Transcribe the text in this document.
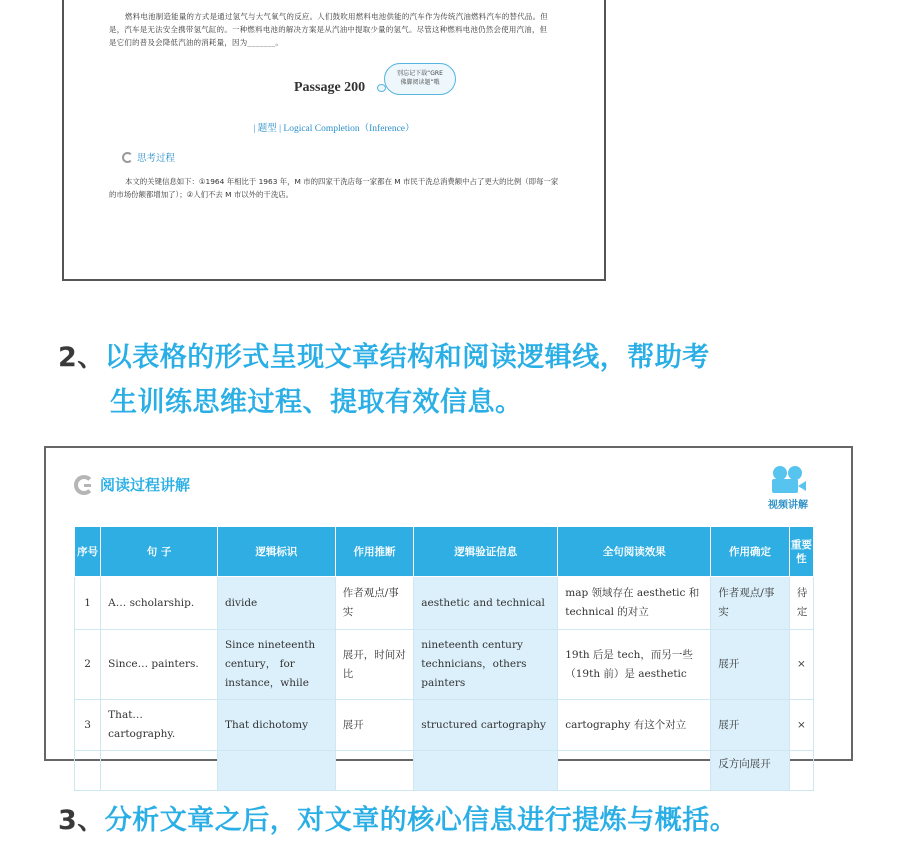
燃料电池制造能量的方式是通过氢气与大气氧气的反应。人们鼓吹用燃料电池供能的汽车作为传统汽油燃料汽车的替代品。但是，汽车是无法安全携带氢气缸的。一种燃料电池的解决方案是从汽油中提取少量的氢气。尽管这种燃料电池仍然会使用汽油，但是它们的普及会降低汽油的消耗量，因为_______。

Passage 200
别忘记下载“GRE
佛脚阅读题”哦
| 题型 | Logical Completion（Inference）
思考过程

本文的关键信息如下：①1964 年相比于 1963 年，M 市的四家干洗店每一家都在 M 市民干洗总消费额中占了更大的比例（即每一家的市场份额都增加了）；②人们不去 M 市以外的干洗店。

2、以表格的形式呈现文章结构和阅读逻辑线，帮助考
生训练思维过程、提取有效信息。
阅读过程讲解
视频讲解
序号	句 子	逻辑标识	作用推断	逻辑验证信息	全句阅读效果	作用确定	重要性
1	A… scholarship.	divide	作者观点/事实	aesthetic and technical	map 领域存在 aesthetic 和 technical 的对立	作者观点/事实	待定
2	Since… painters.	Since nineteenth century， for instance，while	展开，时间对比	nineteenth century technicians，others painters	19th 后是 tech，而另一些（19th 前）是 aesthetic	展开	×
3	That… cartography.	That dichotomy	展开	structured cartography	cartography 有这个对立	展开	×
						反方向展开	
3、分析文章之后，对文章的核心信息进行提炼与概括。
